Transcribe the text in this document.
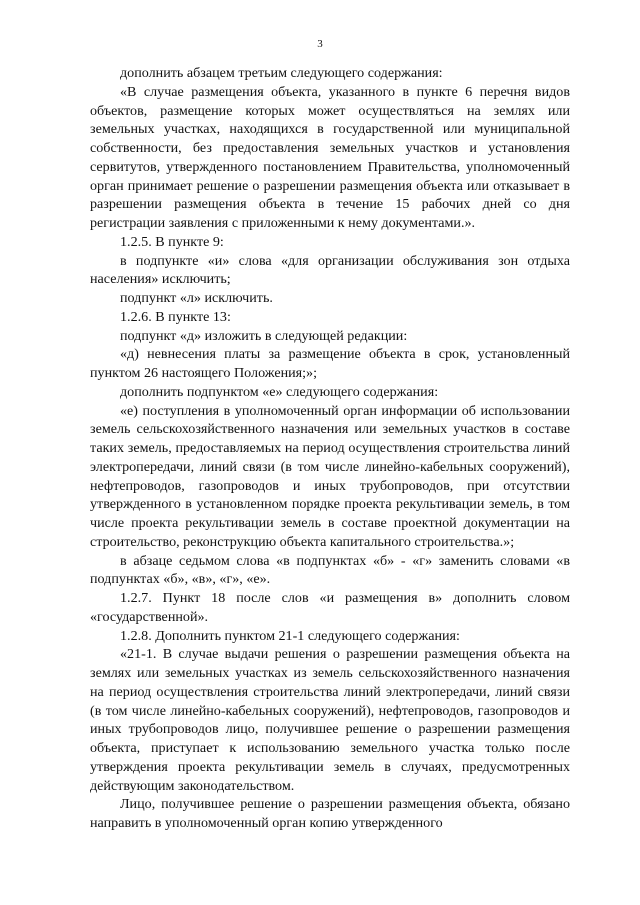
3

дополнить абзацем третьим следующего содержания:

«В случае размещения объекта, указанного в пункте 6 перечня видов объектов, размещение которых может осуществляться на землях или земельных участках, находящихся в государственной или муниципальной собственности, без предоставления земельных участков и установления сервитутов, утвержденного постановлением Правительства, уполномоченный орган принимает решение о разрешении размещения объекта или отказывает в разрешении размещения объекта в течение 15 рабочих дней со дня регистрации заявления с приложенными к нему документами.».

1.2.5. В пункте 9:

в подпункте «и» слова «для организации обслуживания зон отдыха населения» исключить;

подпункт «л» исключить.

1.2.6. В пункте 13:

подпункт «д» изложить в следующей редакции:

«д) невнесения платы за размещение объекта в срок, установленный пунктом 26 настоящего Положения;»;

дополнить подпунктом «е» следующего содержания:

«е) поступления в уполномоченный орган информации об использовании земель сельскохозяйственного назначения или земельных участков в составе таких земель, предоставляемых на период осуществления строительства линий электропередачи, линий связи (в том числе линейно-кабельных сооружений), нефтепроводов, газопроводов и иных трубопроводов, при отсутствии утвержденного в установленном порядке проекта рекультивации земель, в том числе проекта рекультивации земель в составе проектной документации на строительство, реконструкцию объекта капитального строительства.»;

в абзаце седьмом слова «в подпунктах «б» - «г» заменить словами «в подпунктах «б», «в», «г», «е».

1.2.7. Пункт 18 после слов «и размещения в» дополнить словом «государственной».

1.2.8. Дополнить пунктом 21-1 следующего содержания:

«21-1. В случае выдачи решения о разрешении размещения объекта на землях или земельных участках из земель сельскохозяйственного назначения на период осуществления строительства линий электропередачи, линий связи (в том числе линейно-кабельных сооружений), нефтепроводов, газопроводов и иных трубопроводов лицо, получившее решение о разрешении размещения объекта, приступает к использованию земельного участка только после утверждения проекта рекультивации земель в случаях, предусмотренных действующим законодательством.

Лицо, получившее решение о разрешении размещения объекта, обязано направить в уполномоченный орган копию утвержденного
